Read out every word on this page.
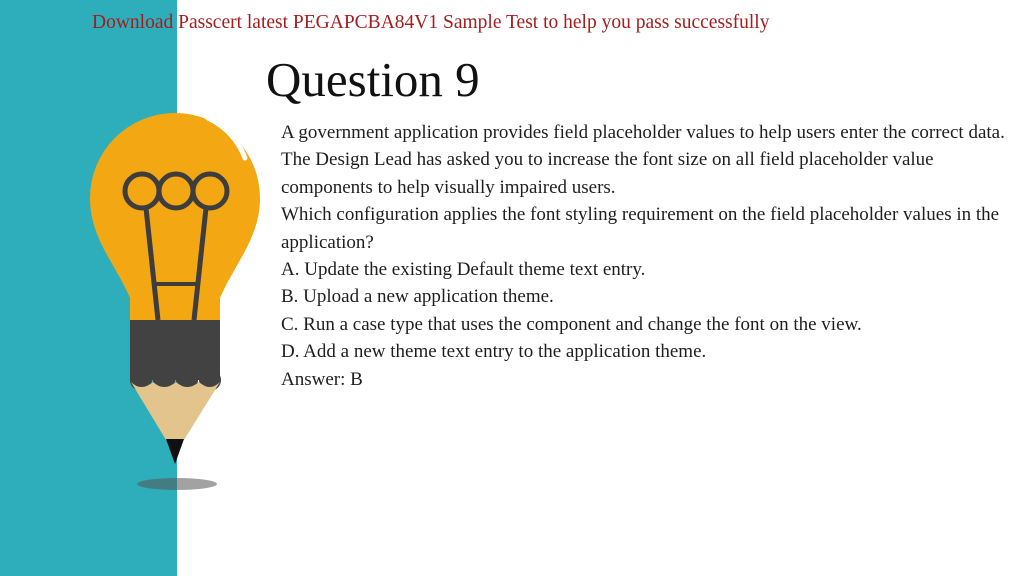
Download Passcert latest PEGAPCBA84V1 Sample Test to help you pass successfully

Question 9

A government application provides field placeholder values to help users enter the correct data. The Design Lead has asked you to increase the font size on all field placeholder value components to help visually impaired users.

Which configuration applies the font styling requirement on the field placeholder values in the application?

A. Update the existing Default theme text entry.

B. Upload a new application theme.

C. Run a case type that uses the component and change the font on the view.

D. Add a new theme text entry to the application theme.

Answer: B
